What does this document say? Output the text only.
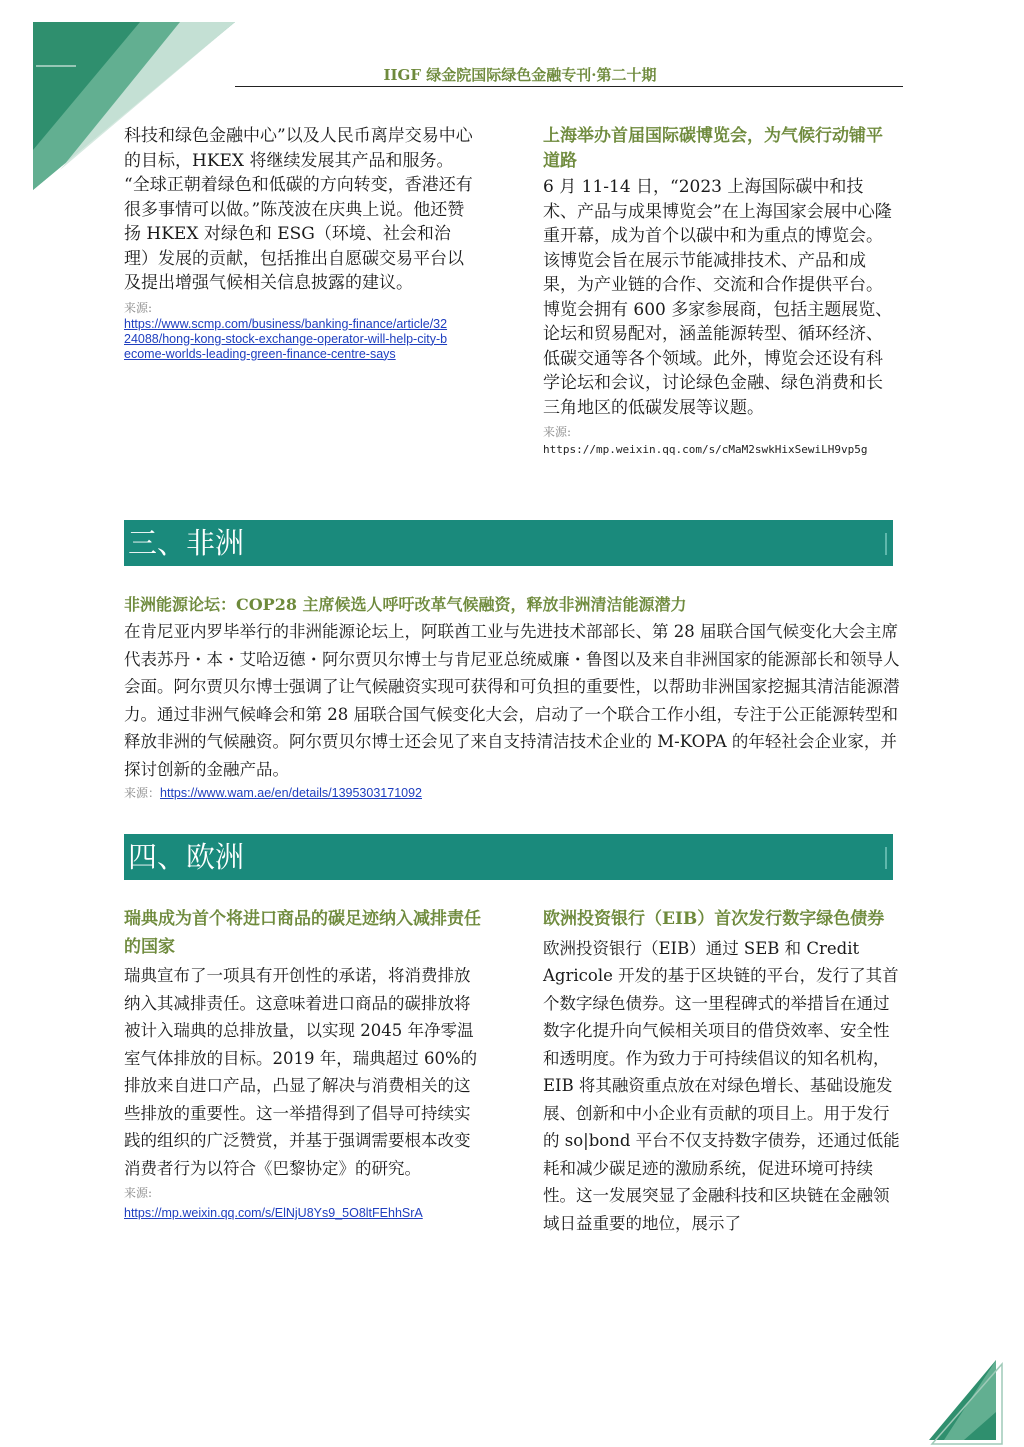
IIGF 绿金院国际绿色金融专刊·第二十期

科技和绿色金融中心”以及人民币离岸交易中心的目标，HKEX 将继续发展其产品和服务。

“全球正朝着绿色和低碳的方向转变，香港还有很多事情可以做。”陈茂波在庆典上说。他还赞扬 HKEX 对绿色和 ESG（环境、社会和治理）发展的贡献，包括推出自愿碳交易平台以及提出增强气候相关信息披露的建议。

来源:
https://www.scmp.com/business/banking-finance/article/3224088/hong-kong-stock-exchange-operator-will-help-city-become-worlds-leading-green-finance-centre-says
上海举办首届国际碳博览会，为气候行动铺平道路

6 月 11-14 日，“2023 上海国际碳中和技术、产品与成果博览会”在上海国家会展中心隆重开幕，成为首个以碳中和为重点的博览会。该博览会旨在展示节能减排技术、产品和成果，为产业链的合作、交流和合作提供平台。博览会拥有 600 多家参展商，包括主题展览、论坛和贸易配对，涵盖能源转型、循环经济、低碳交通等各个领域。此外，博览会还设有科学论坛和会议，讨论绿色金融、绿色消费和长三角地区的低碳发展等议题。

来源:
https://mp.weixin.qq.com/s/cMaM2swkHixSewiLH9vp5g
三、非洲
非洲能源论坛：COP28 主席候选人呼吁改革气候融资，释放非洲清洁能源潜力

在肯尼亚内罗毕举行的非洲能源论坛上，阿联酋工业与先进技术部部长、第 28 届联合国气候变化大会主席代表苏丹・本・艾哈迈德・阿尔贾贝尔博士与肯尼亚总统威廉・鲁图以及来自非洲国家的能源部长和领导人会面。阿尔贾贝尔博士强调了让气候融资实现可获得和可负担的重要性，以帮助非洲国家挖掘其清洁能源潜力。通过非洲气候峰会和第 28 届联合国气候变化大会，启动了一个联合工作小组，专注于公正能源转型和释放非洲的气候融资。阿尔贾贝尔博士还会见了来自支持清洁技术企业的 M-KOPA 的年轻社会企业家，并探讨创新的金融产品。

来源：https://www.wam.ae/en/details/1395303171092
四、欧洲
瑞典成为首个将进口商品的碳足迹纳入减排责任的国家

瑞典宣布了一项具有开创性的承诺，将消费排放纳入其减排责任。这意味着进口商品的碳排放将被计入瑞典的总排放量，以实现 2045 年净零温室气体排放的目标。2019 年，瑞典超过 60%的排放来自进口产品，凸显了解决与消费相关的这些排放的重要性。这一举措得到了倡导可持续实践的组织的广泛赞赏，并基于强调需要根本改变消费者行为以符合《巴黎协定》的研究。

来源:
https://mp.weixin.qq.com/s/ElNjU8Ys9_5O8ltFEhhSrA
欧洲投资银行（EIB）首次发行数字绿色债券

欧洲投资银行（EIB）通过 SEB 和 Credit Agricole 开发的基于区块链的平台，发行了其首个数字绿色债券。这一里程碑式的举措旨在通过数字化提升向气候相关项目的借贷效率、安全性和透明度。作为致力于可持续倡议的知名机构，EIB 将其融资重点放在对绿色增长、基础设施发展、创新和中小企业有贡献的项目上。用于发行的 so|bond 平台不仅支持数字债券，还通过低能耗和减少碳足迹的激励系统，促进环境可持续性。这一发展突显了金融科技和区块链在金融领域日益重要的地位，展示了
